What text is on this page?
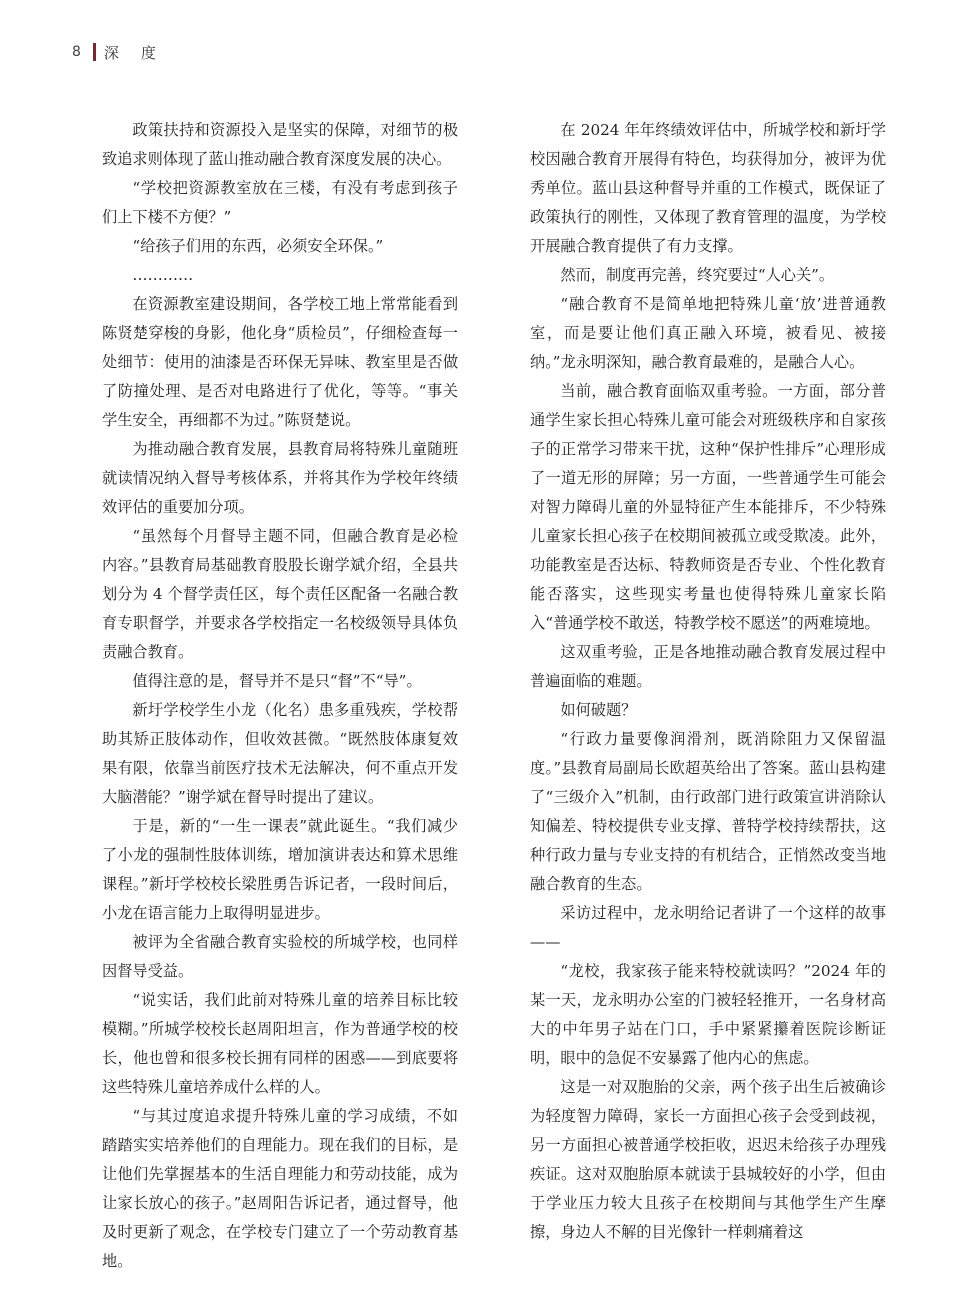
8 深度

政策扶持和资源投入是坚实的保障，对细节的极致追求则体现了蓝山推动融合教育深度发展的决心。

“学校把资源教室放在三楼，有没有考虑到孩子们上下楼不方便？”

“给孩子们用的东西，必须安全环保。”

…………

在资源教室建设期间，各学校工地上常常能看到陈贤楚穿梭的身影，他化身“质检员”，仔细检查每一处细节：使用的油漆是否环保无异味、教室里是否做了防撞处理、是否对电路进行了优化，等等。“事关学生安全，再细都不为过。”陈贤楚说。

为推动融合教育发展，县教育局将特殊儿童随班就读情况纳入督导考核体系，并将其作为学校年终绩效评估的重要加分项。

“虽然每个月督导主题不同，但融合教育是必检内容。”县教育局基础教育股股长谢学斌介绍，全县共划分为 4 个督学责任区，每个责任区配备一名融合教育专职督学，并要求各学校指定一名校级领导具体负责融合教育。

值得注意的是，督导并不是只“督”不“导”。

新圩学校学生小龙（化名）患多重残疾，学校帮助其矫正肢体动作，但收效甚微。“既然肢体康复效果有限，依靠当前医疗技术无法解决，何不重点开发大脑潜能？”谢学斌在督导时提出了建议。

于是，新的“一生一课表”就此诞生。“我们减少了小龙的强制性肢体训练，增加演讲表达和算术思维课程。”新圩学校校长梁胜勇告诉记者，一段时间后，小龙在语言能力上取得明显进步。

被评为全省融合教育实验校的所城学校，也同样因督导受益。

“说实话，我们此前对特殊儿童的培养目标比较模糊。”所城学校校长赵周阳坦言，作为普通学校的校长，他也曾和很多校长拥有同样的困惑——到底要将这些特殊儿童培养成什么样的人。

“与其过度追求提升特殊儿童的学习成绩，不如踏踏实实培养他们的自理能力。现在我们的目标，是让他们先掌握基本的生活自理能力和劳动技能，成为让家长放心的孩子。”赵周阳告诉记者，通过督导，他及时更新了观念，在学校专门建立了一个劳动教育基地。

在 2024 年年终绩效评估中，所城学校和新圩学校因融合教育开展得有特色，均获得加分，被评为优秀单位。蓝山县这种督导并重的工作模式，既保证了政策执行的刚性，又体现了教育管理的温度，为学校开展融合教育提供了有力支撑。

然而，制度再完善，终究要过“人心关”。

“融合教育不是简单地把特殊儿童‘放’进普通教室，而是要让他们真正融入环境，被看见、被接纳。”龙永明深知，融合教育最难的，是融合人心。

当前，融合教育面临双重考验。一方面，部分普通学生家长担心特殊儿童可能会对班级秩序和自家孩子的正常学习带来干扰，这种“保护性排斥”心理形成了一道无形的屏障；另一方面，一些普通学生可能会对智力障碍儿童的外显特征产生本能排斥，不少特殊儿童家长担心孩子在校期间被孤立或受欺凌。此外，功能教室是否达标、特教师资是否专业、个性化教育能否落实，这些现实考量也使得特殊儿童家长陷入“普通学校不敢送，特教学校不愿送”的两难境地。

这双重考验，正是各地推动融合教育发展过程中普遍面临的难题。

如何破题？

“行政力量要像润滑剂，既消除阻力又保留温度。”县教育局副局长欧超英给出了答案。蓝山县构建了“三级介入”机制，由行政部门进行政策宣讲消除认知偏差、特校提供专业支撑、普特学校持续帮扶，这种行政力量与专业支持的有机结合，正悄然改变当地融合教育的生态。

采访过程中，龙永明给记者讲了一个这样的故事——

“龙校，我家孩子能来特校就读吗？”2024 年的某一天，龙永明办公室的门被轻轻推开，一名身材高大的中年男子站在门口，手中紧紧攥着医院诊断证明，眼中的急促不安暴露了他内心的焦虑。

这是一对双胞胎的父亲，两个孩子出生后被确诊为轻度智力障碍，家长一方面担心孩子会受到歧视，另一方面担心被普通学校拒收，迟迟未给孩子办理残疾证。这对双胞胎原本就读于县城较好的小学，但由于学业压力较大且孩子在校期间与其他学生产生摩擦，身边人不解的目光像针一样刺痛着这
